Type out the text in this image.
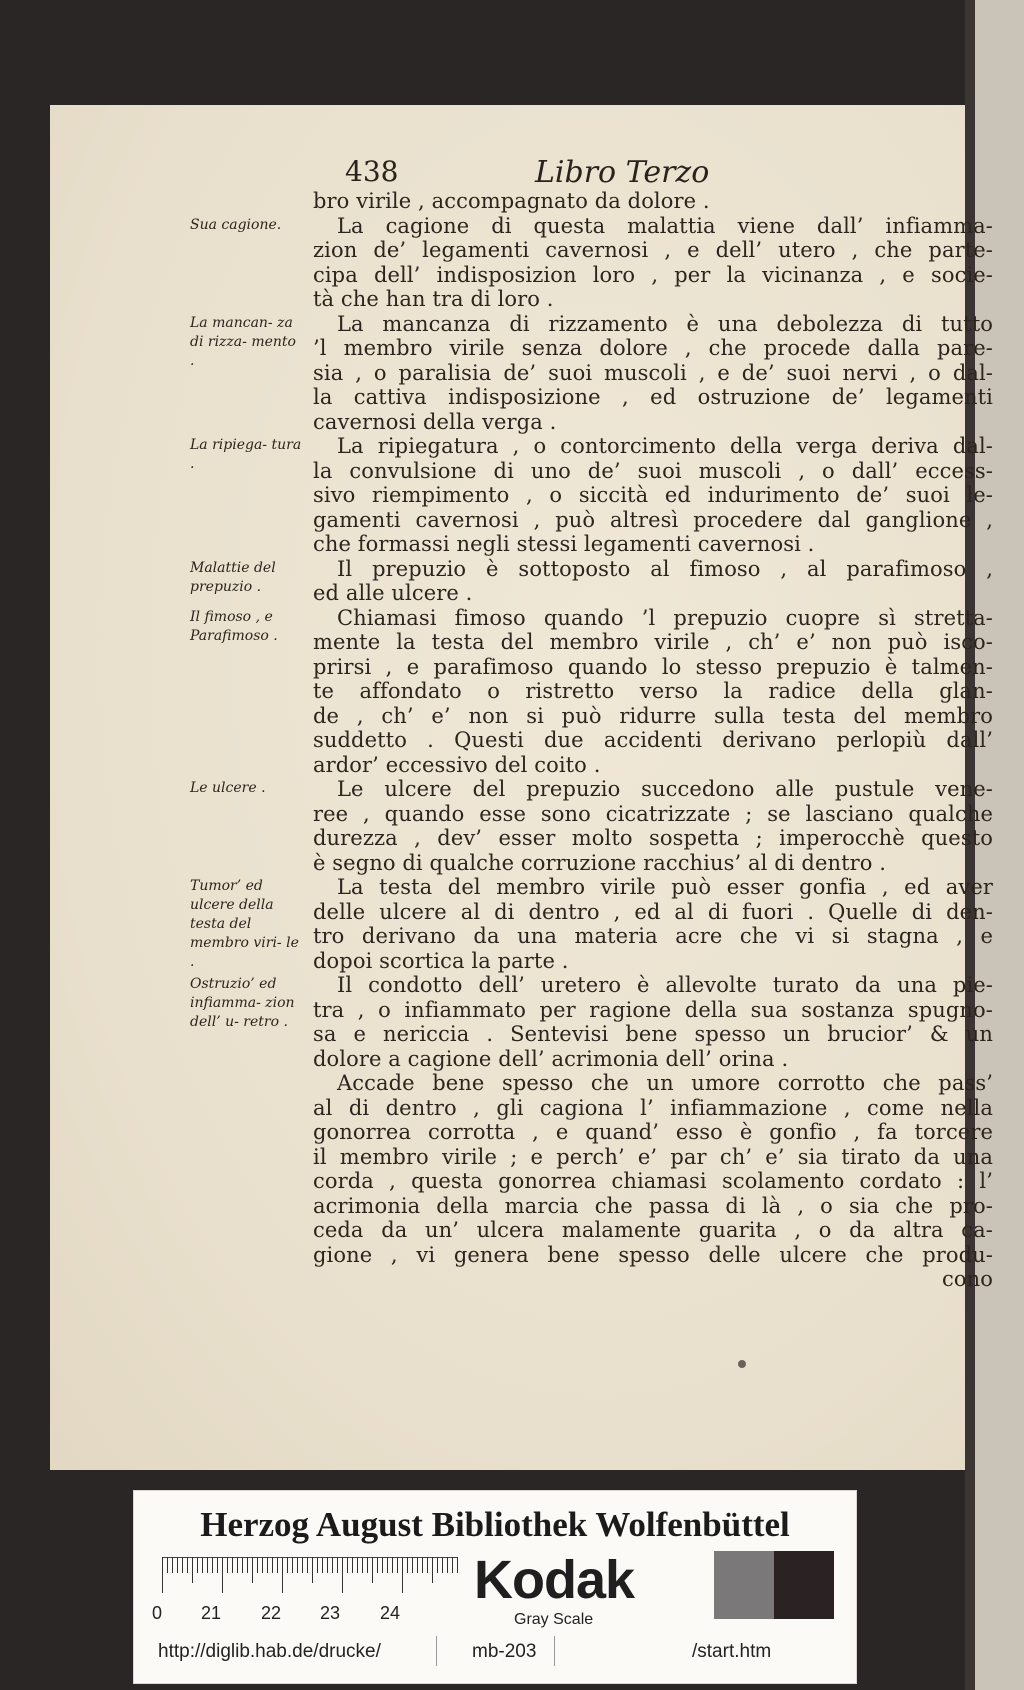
438	Libro Terzo
Sua cagione.
La mancan- za di rizza- mento .
La ripiega- tura .
Malattie del prepuzio .
Il fimoso , e Parafimoso .
Le ulcere .
Tumor’ ed ulcere della testa del membro viri- le .
Ostruzio’ ed infiamma- zion dell’ u- retro .
bro virile , accompagnato da dolore .
La cagione di questa malattia viene dall’ infiamma-
zion de’ legamenti cavernosi , e dell’ utero , che parte-
cipa dell’ indisposizion loro , per la vicinanza , e socie-
tà che han tra di loro .
La mancanza di rizzamento è una debolezza di tutto
’l membro virile senza dolore , che procede dalla pare-
sia , o paralisia de’ suoi muscoli , e de’ suoi nervi , o dal-
la cattiva indisposizione , ed ostruzione de’ legamenti
cavernosi della verga .
La ripiegatura , o contorcimento della verga deriva dal-
la convulsione di uno de’ suoi muscoli , o dall’ eccess-
sivo riempimento , o siccità ed indurimento de’ suoi le-
gamenti cavernosi , può altresì procedere dal ganglione ,
che formassi negli stessi legamenti cavernosi .
Il prepuzio è sottoposto al fimoso , al parafimoso ,
ed alle ulcere .
Chiamasi fimoso quando ’l prepuzio cuopre sì stretta-
mente la testa del membro virile , ch’ e’ non può isco-
prirsi , e parafimoso quando lo stesso prepuzio è talmen-
te affondato o ristretto verso la radice della glan-
de , ch’ e’ non si può ridurre sulla testa del membro
suddetto . Questi due accidenti derivano perlopiù dall’
ardor’ eccessivo del coito .
Le ulcere del prepuzio succedono alle pustule vene-
ree , quando esse sono cicatrizzate ; se lasciano qualche
durezza , dev’ esser molto sospetta ; imperocchè questo
è segno di qualche corruzione racchius’ al di dentro .
La testa del membro virile può esser gonfia , ed aver
delle ulcere al di dentro , ed al di fuori . Quelle di den-
tro derivano da una materia acre che vi si stagna , e
dopoi scortica la parte .
Il condotto dell’ uretero è allevolte turato da una pie-
tra , o infiammato per ragione della sua sostanza spugno-
sa e nericcia . Sentevisi bene spesso un brucior’ & un
dolore a cagione dell’ acrimonia dell’ orina .
Accade bene spesso che un umore corrotto che pass’
al di dentro , gli cagiona l’ infiammazione , come nella
gonorrea corrotta , e quand’ esso è gonfio , fa torcere
il membro virile ; e perch’ e’ par ch’ e’ sia tirato da una
corda , questa gonorrea chiamasi scolamento cordato : l’
acrimonia della marcia che passa di là , o sia che pro-
ceda da un’ ulcera malamente guarita , o da altra ca-
gione , vi genera bene spesso delle ulcere che produ-
cono
Herzog August Bibliothek Wolfenbüttel
0 21 22 23 24
Kodak
Gray Scale
http://diglib.hab.de/drucke/	mb-203	/start.htm
